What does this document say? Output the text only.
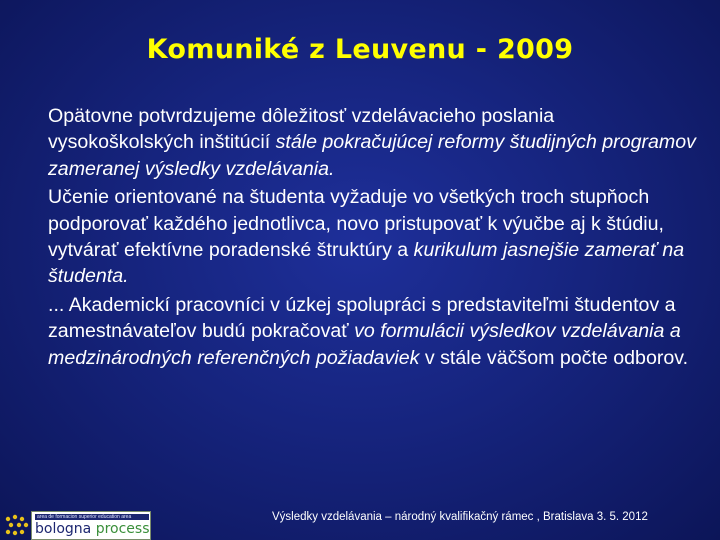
Komuniké z Leuvenu - 2009

Opätovne potvrdzujeme dôležitosť vzdelávacieho poslania vysokoškolských inštitúcií stále pokračujúcej reformy študijných programov zameranej výsledky vzdelávania.

Učenie orientované na študenta vyžaduje vo všetkých troch stupňoch podporovať každého jednotlivca, novo pristupovať k výučbe aj k štúdiu, vytvárať efektívne poradenské štruktúry a kurikulum jasnejšie zamerať na študenta.

... Akademickí pracovníci v úzkej spolupráci s predstaviteľmi študentov a zamestnávateľov budú pokračovať vo formulácii výsledkov vzdelávania a medzinárodných referenčných požiadaviek v stále väčšom počte odborov.

area de formacion superior education area
bologna process
Výsledky vzdelávania – národný kvalifikačný rámec , Bratislava 3. 5. 2012
